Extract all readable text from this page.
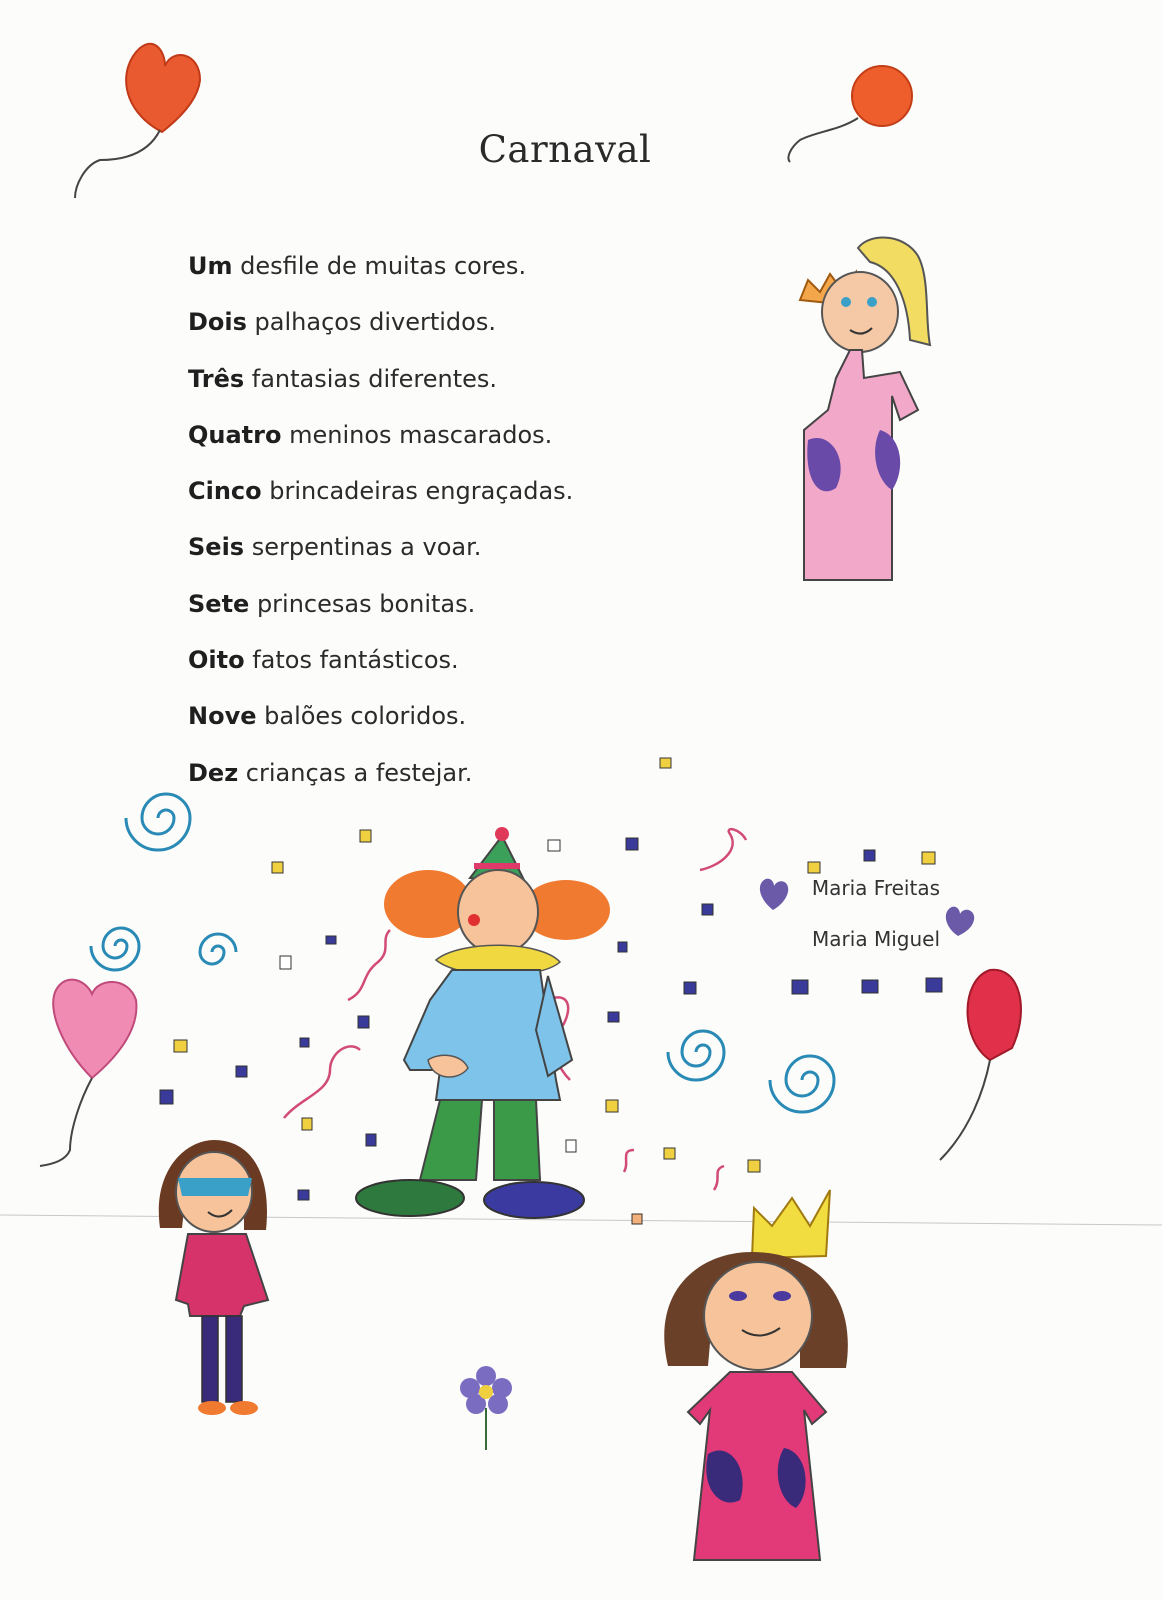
Carnaval
Um desfile de muitas cores.
Dois palhaços divertidos.
Três fantasias diferentes.
Quatro meninos mascarados.
Cinco brincadeiras engraçadas.
Seis serpentinas a voar.
Sete princesas bonitas.
Oito fatos fantásticos.
Nove balões coloridos.
Dez crianças a festejar.
Maria Freitas
Maria Miguel
